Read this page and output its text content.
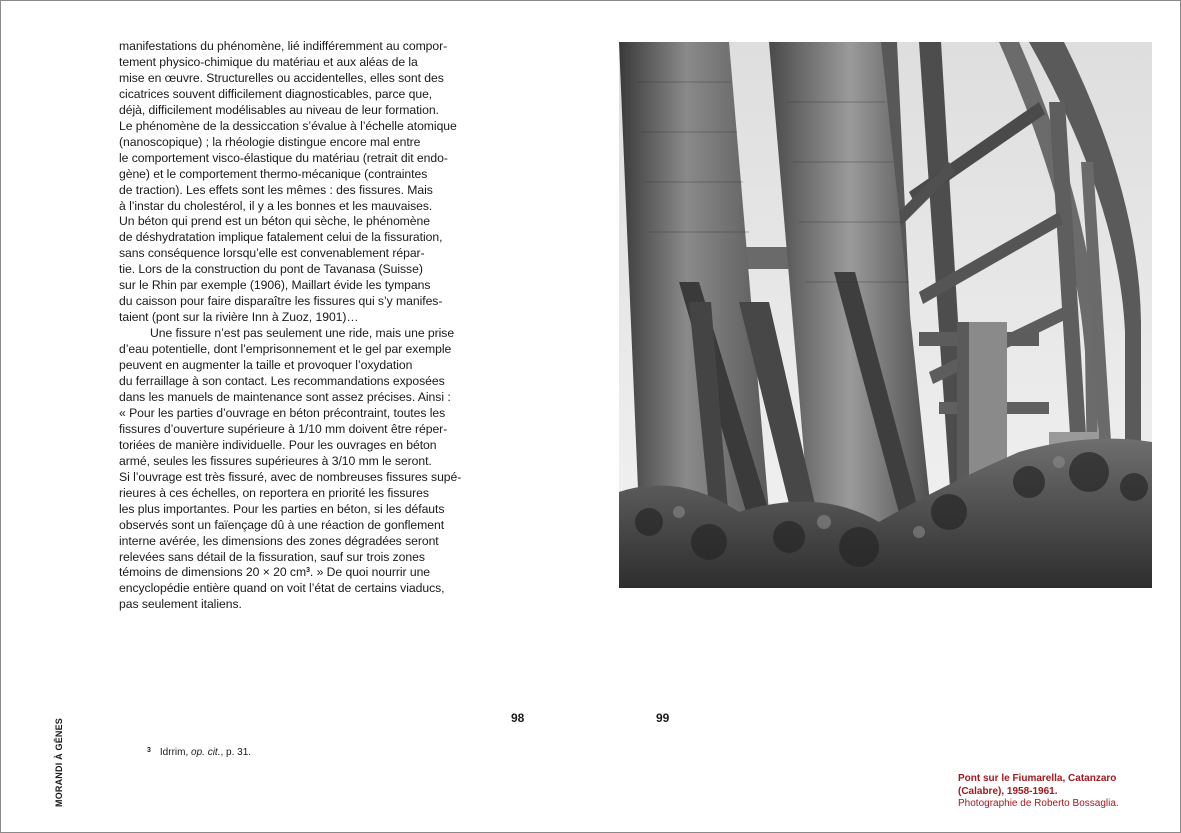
manifestations du phénomène, lié indifféremment au compor-
tement physico-chimique du matériau et aux aléas de la
mise en œuvre. Structurelles ou accidentelles, elles sont des
cicatrices souvent difficilement diagnosticables, parce que,
déjà, difficilement modélisables au niveau de leur formation.
Le phénomène de la dessiccation s’évalue à l’échelle atomique
(nanoscopique) ; la rhéologie distingue encore mal entre
le comportement visco-élastique du matériau (retrait dit endo-
gène) et le comportement thermo-mécanique (contraintes
de traction). Les effets sont les mêmes : des fissures. Mais
à l’instar du cholestérol, il y a les bonnes et les mauvaises.
Un béton qui prend est un béton qui sèche, le phénomène
de déshydratation implique fatalement celui de la fissuration,
sans conséquence lorsqu’elle est convenablement répar-
tie. Lors de la construction du pont de Tavanasa (Suisse)
sur le Rhin par exemple (1906), Maillart évide les tympans
du caisson pour faire disparaître les fissures qui s’y manifes-
taient (pont sur la rivière Inn à Zuoz, 1901)…
Une fissure n’est pas seulement une ride, mais une prise
d’eau potentielle, dont l’emprisonnement et le gel par exemple
peuvent en augmenter la taille et provoquer l’oxydation
du ferraillage à son contact. Les recommandations exposées
dans les manuels de maintenance sont assez précises. Ainsi :
« Pour les parties d’ouvrage en béton précontraint, toutes les
fissures d’ouverture supérieure à 1/10 mm doivent être réper-
toriées de manière individuelle. Pour les ouvrages en béton
armé, seules les fissures supérieures à 3/10 mm le seront.
Si l’ouvrage est très fissuré, avec de nombreuses fissures supé-
rieures à ces échelles, on reportera en priorité les fissures
les plus importantes. Pour les parties en béton, si les défauts
observés sont un faïençage dû à une réaction de gonflement
interne avérée, les dimensions des zones dégradées seront
relevées sans détail de la fissuration, sauf sur trois zones
témoins de dimensions 20 × 20 cm$^3$. » De quoi nourrir une
encyclopédie entière quand on voit l’état de certains viaducs,
pas seulement italiens.
98	99
MORANDI À GÊNES	$^3$ Idrrim, op. cit., p. 31.
Pont sur le Fiumarella, Catanzaro
(Calabre), 1958-1961.
Photographie de Roberto Bossaglia.
